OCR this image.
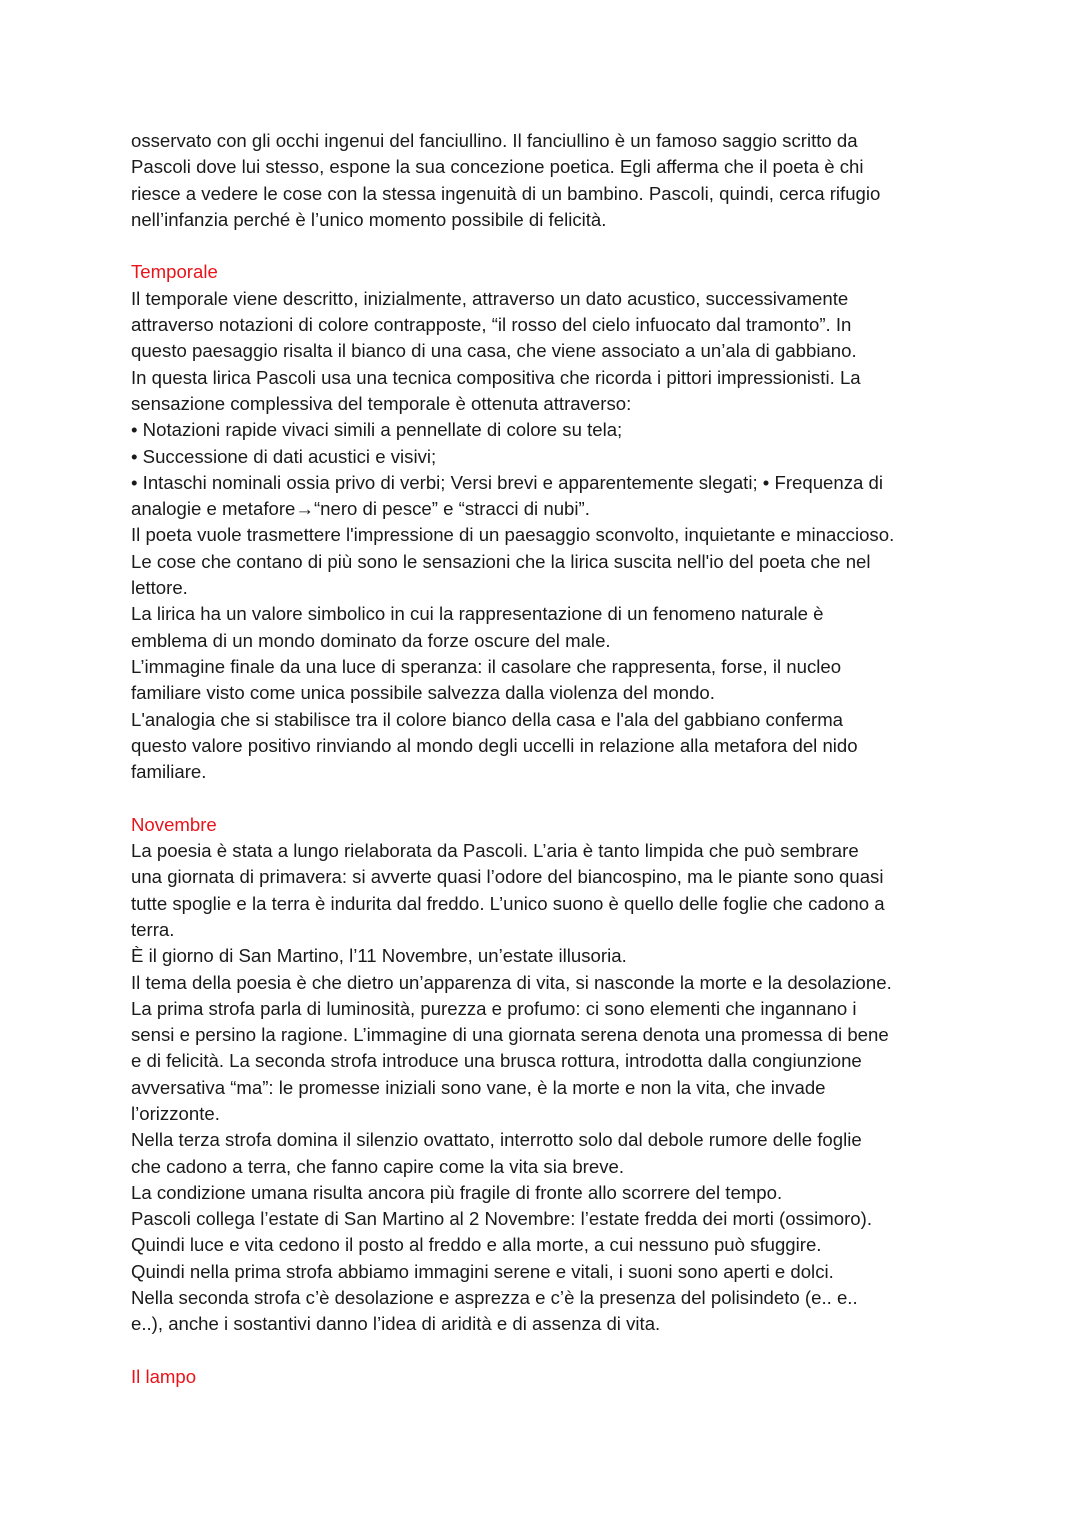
osservato con gli occhi ingenui del fanciullino. Il fanciullino è un famoso saggio scritto da
Pascoli dove lui stesso, espone la sua concezione poetica. Egli afferma che il poeta è chi
riesce a vedere le cose con la stessa ingenuità di un bambino. Pascoli, quindi, cerca rifugio
nell’infanzia perché è l’unico momento possibile di felicità.
Temporale
Il temporale viene descritto, inizialmente, attraverso un dato acustico, successivamente
attraverso notazioni di colore contrapposte, “il rosso del cielo infuocato dal tramonto”. In
questo paesaggio risalta il bianco di una casa, che viene associato a un’ala di gabbiano.
In questa lirica Pascoli usa una tecnica compositiva che ricorda i pittori impressionisti. La
sensazione complessiva del temporale è ottenuta attraverso:
• Notazioni rapide vivaci simili a pennellate di colore su tela;
• Successione di dati acustici e visivi;
• Intaschi nominali ossia privo di verbi; Versi brevi e apparentemente slegati; • Frequenza di
analogie e metafore→“nero di pesce” e “stracci di nubi”.
Il poeta vuole trasmettere l'impressione di un paesaggio sconvolto, inquietante e minaccioso.
Le cose che contano di più sono le sensazioni che la lirica suscita nell'io del poeta che nel
lettore.
La lirica ha un valore simbolico in cui la rappresentazione di un fenomeno naturale è
emblema di un mondo dominato da forze oscure del male.
L’immagine finale da una luce di speranza: il casolare che rappresenta, forse, il nucleo
familiare visto come unica possibile salvezza dalla violenza del mondo.
L'analogia che si stabilisce tra il colore bianco della casa e l'ala del gabbiano conferma
questo valore positivo rinviando al mondo degli uccelli in relazione alla metafora del nido
familiare.
Novembre
La poesia è stata a lungo rielaborata da Pascoli. L’aria è tanto limpida che può sembrare
una giornata di primavera: si avverte quasi l’odore del biancospino, ma le piante sono quasi
tutte spoglie e la terra è indurita dal freddo. L’unico suono è quello delle foglie che cadono a
terra.
È il giorno di San Martino, l’11 Novembre, un’estate illusoria.
Il tema della poesia è che dietro un’apparenza di vita, si nasconde la morte e la desolazione.
La prima strofa parla di luminosità, purezza e profumo: ci sono elementi che ingannano i
sensi e persino la ragione. L’immagine di una giornata serena denota una promessa di bene
e di felicità. La seconda strofa introduce una brusca rottura, introdotta dalla congiunzione
avversativa “ma”: le promesse iniziali sono vane, è la morte e non la vita, che invade
l’orizzonte.
Nella terza strofa domina il silenzio ovattato, interrotto solo dal debole rumore delle foglie
che cadono a terra, che fanno capire come la vita sia breve.
La condizione umana risulta ancora più fragile di fronte allo scorrere del tempo.
Pascoli collega l’estate di San Martino al 2 Novembre: l’estate fredda dei morti (ossimoro).
Quindi luce e vita cedono il posto al freddo e alla morte, a cui nessuno può sfuggire.
Quindi nella prima strofa abbiamo immagini serene e vitali, i suoni sono aperti e dolci.
Nella seconda strofa c’è desolazione e asprezza e c’è la presenza del polisindeto (e.. e..
e..), anche i sostantivi danno l’idea di aridità e di assenza di vita.
Il lampo
